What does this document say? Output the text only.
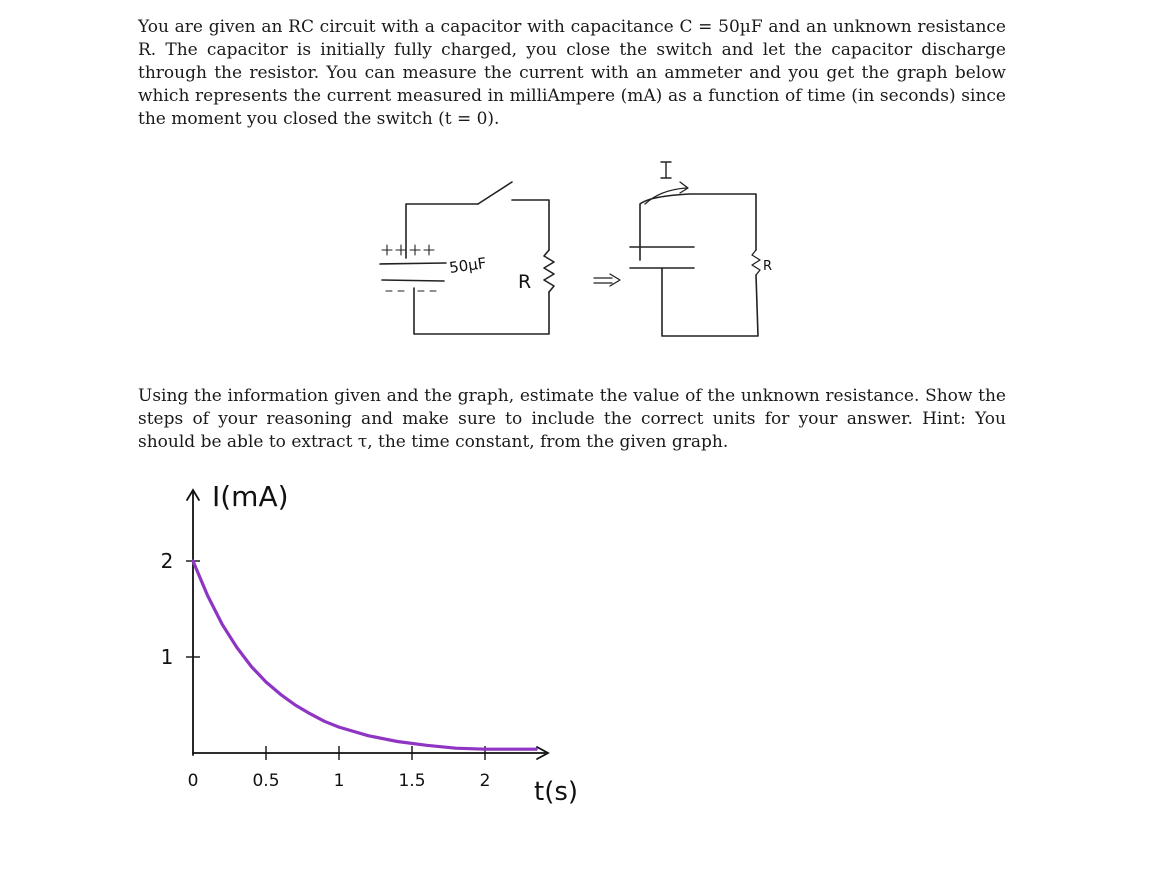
You are given an RC circuit with a capacitor with capacitance C = 50µF and an unknown resistance R. The capacitor is initially fully charged, you close the switch and let the capacitor discharge through the resistor. You can measure the current with an ammeter and you get the graph below which represents the current measured in milliAmpere (mA) as a function of time (in seconds) since the moment you closed the switch (t = 0).

50µF
R
R

Using the information given and the graph, estimate the value of the unknown resistance. Show the steps of your reasoning and make sure to include the correct units for your answer. Hint: You should be able to extract τ, the time constant, from the given graph.

I(mA)
t(s)
0	0.5	1	1.5	2
1
2
